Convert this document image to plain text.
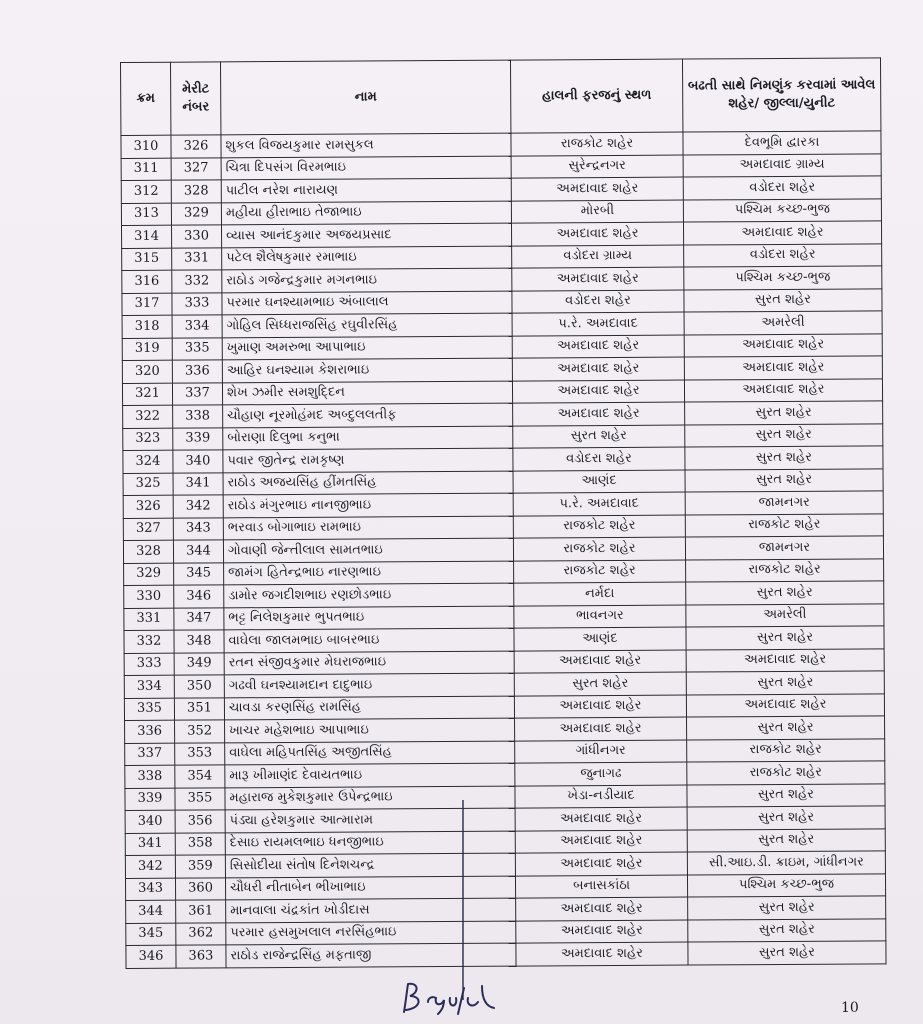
ક્રમ	મેરીટ નંબર	નામ	હાલની ફરજનું સ્થળ	બઢતી સાથે નિમણુંક કરવામાં આવેલ શહેર/ જીલ્લા/યુનીટ
310	326	શુકલ વિજયકુમાર રામસુકલ	રાજકોટ શહેર	દેવભૂમિ દ્વારકા
311	327	ચિત્રા દિપસંગ વિરમભાઇ	સુરેન્દ્રનગર	અમદાવાદ ગ્રામ્ય
312	328	પાટીલ નરેશ નારાયણ	અમદાવાદ શહેર	વડોદરા શહેર
313	329	મહીયા હીરાભાઇ તેજાભાઇ	મોરબી	પશ્ચિમ કચ્છ-ભુજ
314	330	વ્યાસ આનંદકુમાર અજયપ્રસાદ	અમદાવાદ શહેર	અમદાવાદ શહેર
315	331	પટેલ શૈલેષકુમાર રમાભાઇ	વડોદરા ગ્રામ્ય	વડોદરા શહેર
316	332	રાઠોડ ગજેન્દ્રકુમાર મગનભાઇ	અમદાવાદ શહેર	પશ્ચિમ કચ્છ-ભુજ
317	333	પરમાર ઘનશ્યામભાઇ અંબાલાલ	વડોદરા શહેર	સુરત શહેર
318	334	ગોહિલ સિધ્ધરાજસિંહ રઘુવીરસિંહ	પ.રે. અમદાવાદ	અમરેલી
319	335	ખુમાણ અમરુભા આપાભાઇ	અમદાવાદ શહેર	અમદાવાદ શહેર
320	336	આહિર ઘનશ્યામ કેશરાભાઇ	અમદાવાદ શહેર	અમદાવાદ શહેર
321	337	શેખ ઝમીર સમશુદ્દિન	અમદાવાદ શહેર	અમદાવાદ શહેર
322	338	ચૌહાણ નૂરમોહંમદ અબ્દુલલતીફ	અમદાવાદ શહેર	સુરત શહેર
323	339	બોરાણા દિલુભા કનુભા	સુરત શહેર	સુરત શહેર
324	340	પવાર જીતેન્દ્ર રામકૃષ્ણ	વડોદરા શહેર	સુરત શહેર
325	341	રાઠોડ અજયસિંહ હીંમતસિંહ	આણંદ	સુરત શહેર
326	342	રાઠોડ મંગુરભાઇ નાનજીભાઇ	પ.રે. અમદાવાદ	જામનગર
327	343	ભરવાડ બોગાભાઇ રામભાઇ	રાજકોટ શહેર	રાજકોટ શહેર
328	344	ગોવાણી જેન્તીલાલ સામતભાઇ	રાજકોટ શહેર	જામનગર
329	345	જામંગ હિતેન્દ્રભાઇ નારણભાઇ	રાજકોટ શહેર	રાજકોટ શહેર
330	346	ડામોર જગદીશભાઇ રણછોડભાઇ	નર્મદા	સુરત શહેર
331	347	ભટ્ટ નિલેશકુમાર ભુપતભાઇ	ભાવનગર	અમરેલી
332	348	વાઘેલા જાલમભાઇ બાબરભાઇ	આણંદ	સુરત શહેર
333	349	રતન સંજીવકુમાર મેઘરાજભાઇ	અમદાવાદ શહેર	અમદાવાદ શહેર
334	350	ગઢવી ઘનશ્યામદાન દાદુભાઇ	સુરત શહેર	સુરત શહેર
335	351	ચાવડા કરણસિંહ રામસિંહ	અમદાવાદ શહેર	અમદાવાદ શહેર
336	352	ખાચર મહેશભાઇ આપાભાઇ	અમદાવાદ શહેર	સુરત શહેર
337	353	વાઘેલા મહિપતસિંહ અજીતસિંહ	ગાંધીનગર	રાજકોટ શહેર
338	354	મારૂ ખીમાણંદ દેવાયતભાઇ	જુનાગઢ	રાજકોટ શહેર
339	355	મહારાજ મુકેશકુમાર ઉપેન્દ્રભાઇ	ખેડા-નડીયાદ	સુરત શહેર
340	356	પંડ્યા હરેશકુમાર આત્મારામ	અમદાવાદ શહેર	સુરત શહેર
341	358	દેસાઇ રાયમલભાઇ ધનજીભાઇ	અમદાવાદ શહેર	સુરત શહેર
342	359	સિસોદીયા સંતોષ દિનેશચન્દ્ર	અમદાવાદ શહેર	સી.આઇ.ડી. ક્રાઇમ, ગાંધીનગર
343	360	ચૌધરી નીતાબેન ભીખાભાઇ	બનાસકાંઠા	પશ્ચિમ કચ્છ-ભુજ
344	361	માનવાલા ચંદ્રકાંત ખોડીદાસ	અમદાવાદ શહેર	સુરત શહેર
345	362	પરમાર હસમુખલાલ નરસિંહભાઇ	અમદાવાદ શહેર	સુરત શહેર
346	363	રાઠોડ રાજેન્દ્રસિંહ મફતાજી	અમદાવાદ શહેર	સુરત શહેર
10
